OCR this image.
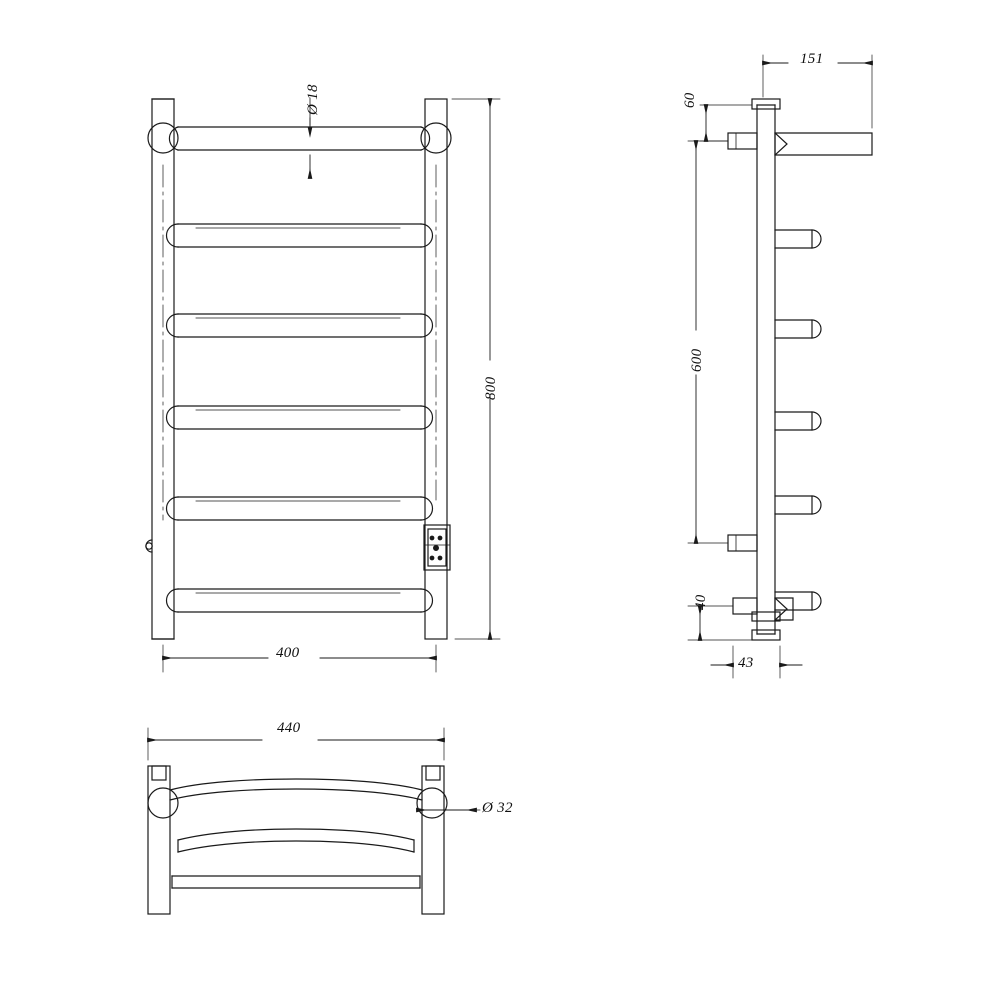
Ø 18
800
400
151
60
600
40
43
440
Ø 32
